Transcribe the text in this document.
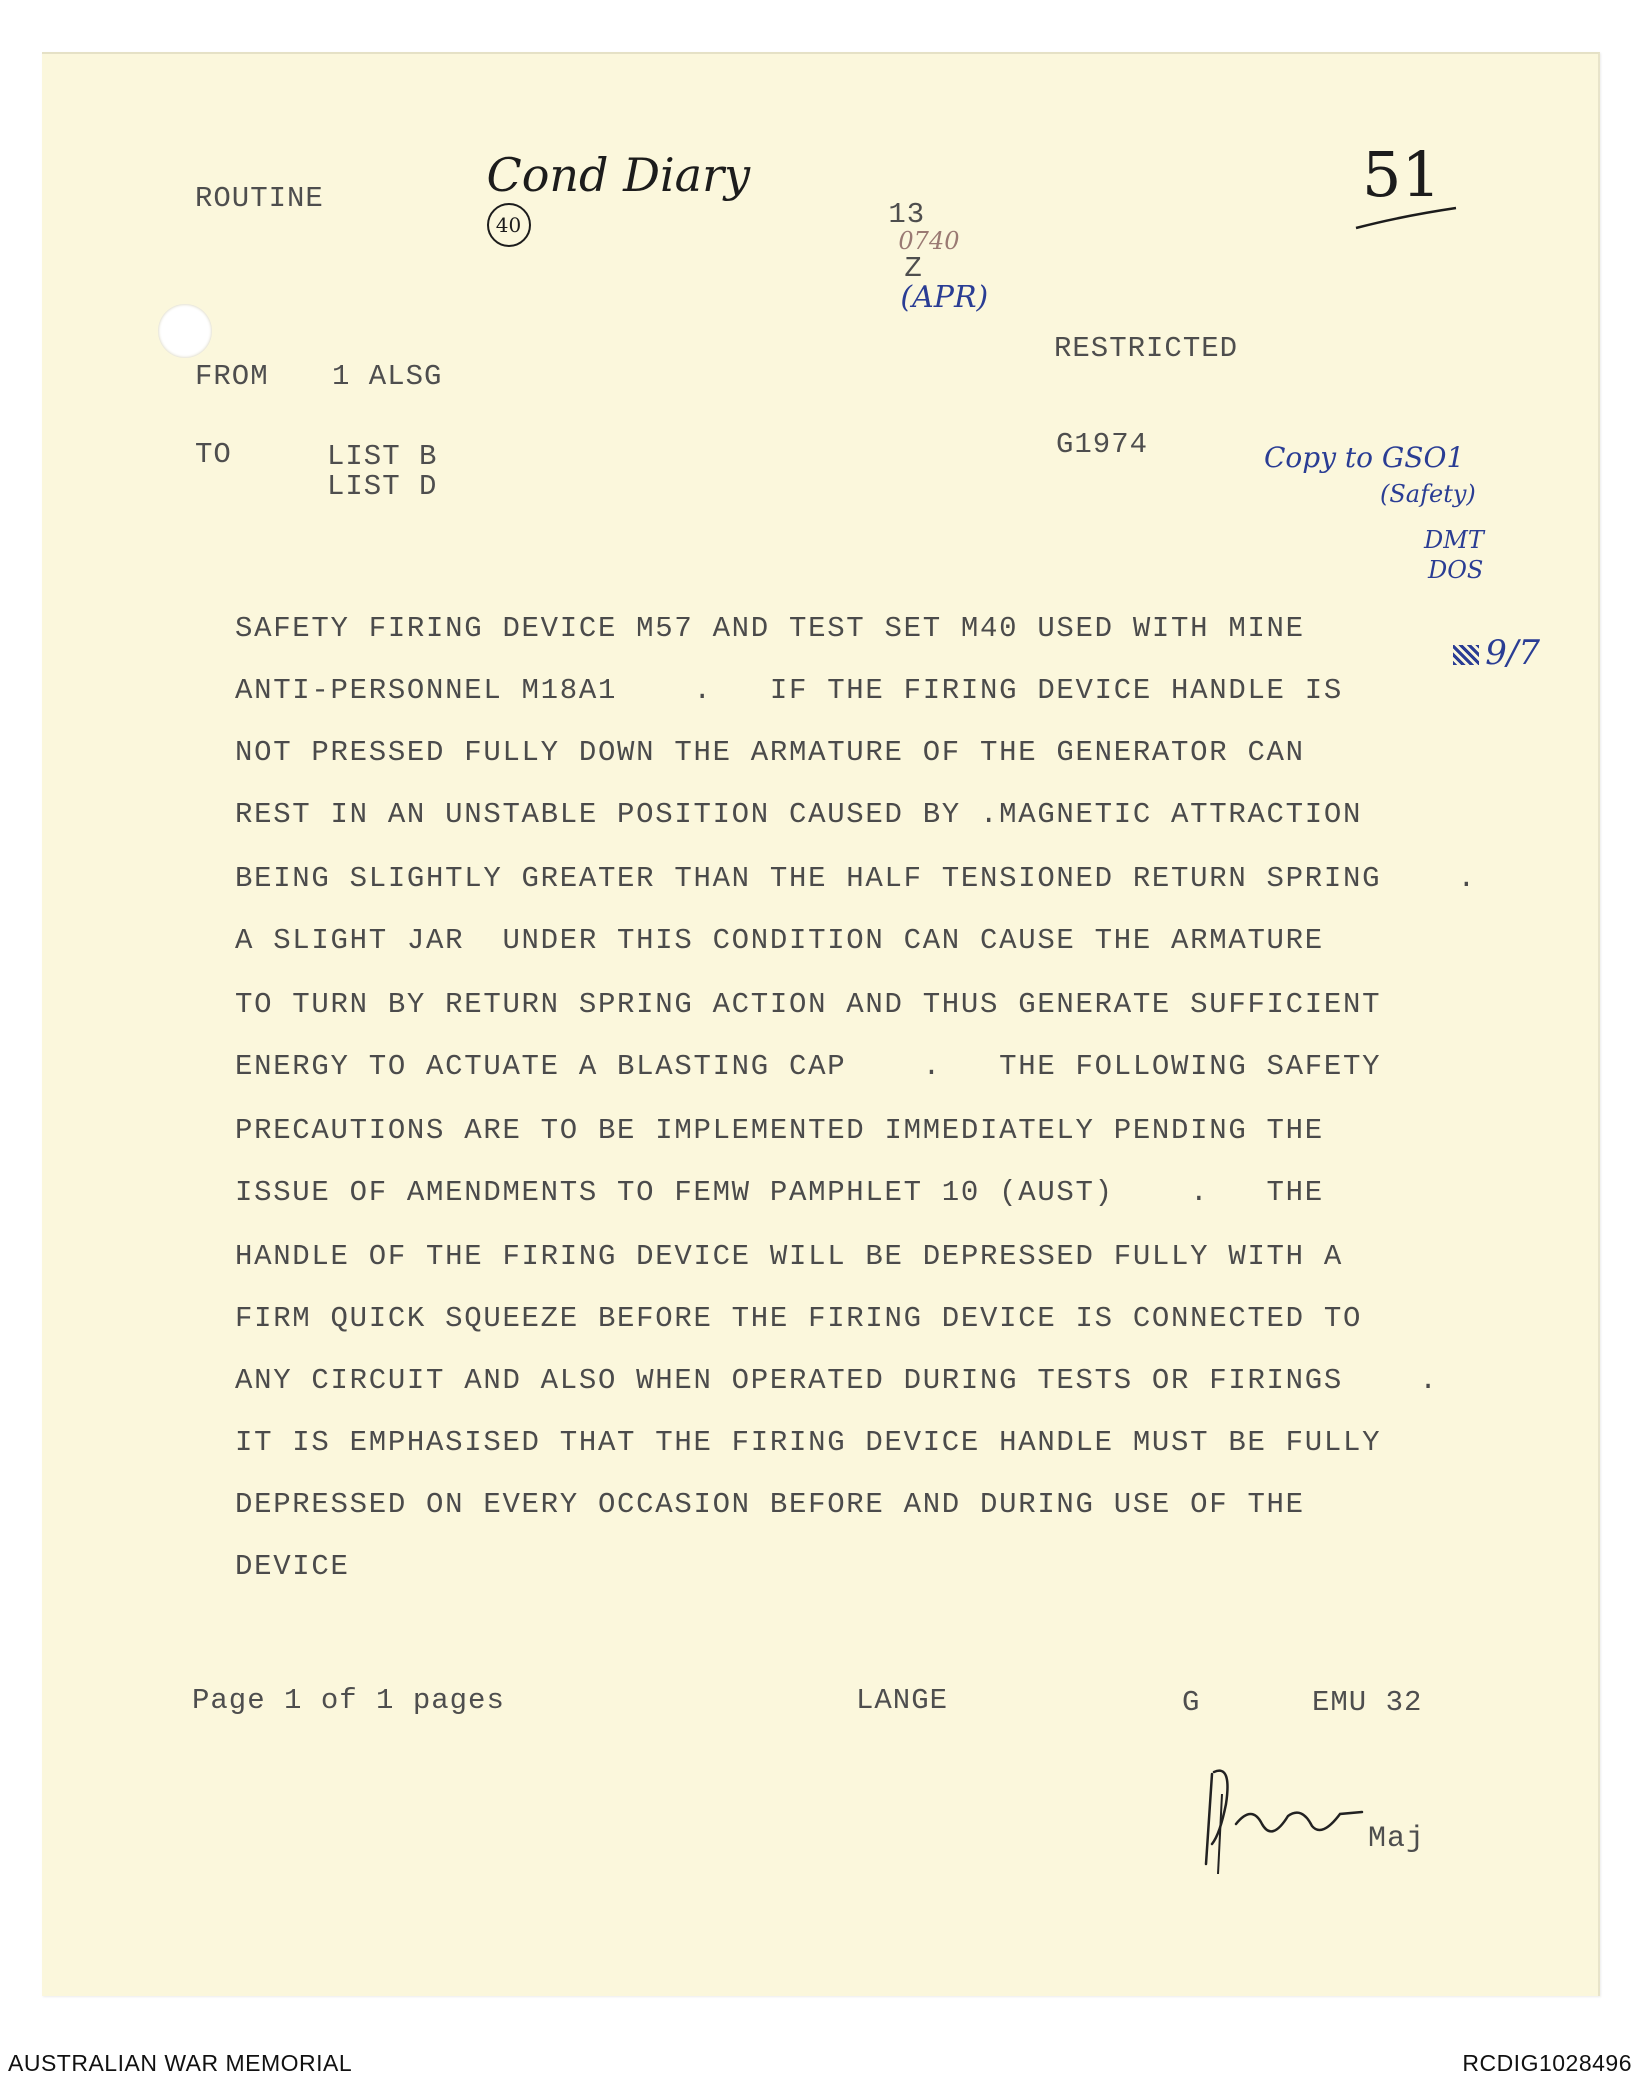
Cond Diary
40

51
ROUTINE	13
0740
Z
(APR)

RESTRICTED
FROM 1 ALSG
TO	LIST B
LIST D
G1974	Copy to GSO1
(Safety)
DMT
DOS

9/7

SAFETY FIRING DEVICE M57 AND TEST SET M40 USED WITH MINE
ANTI-PERSONNEL M18A1    .   IF THE FIRING DEVICE HANDLE IS
NOT PRESSED FULLY DOWN THE ARMATURE OF THE GENERATOR CAN
REST IN AN UNSTABLE POSITION CAUSED BY .MAGNETIC ATTRACTION
BEING SLIGHTLY GREATER THAN THE HALF TENSIONED RETURN SPRING    .
A SLIGHT JAR  UNDER THIS CONDITION CAN CAUSE THE ARMATURE
TO TURN BY RETURN SPRING ACTION AND THUS GENERATE SUFFICIENT
ENERGY TO ACTUATE A BLASTING CAP    .   THE FOLLOWING SAFETY
PRECAUTIONS ARE TO BE IMPLEMENTED IMMEDIATELY PENDING THE
ISSUE OF AMENDMENTS TO FEMW PAMPHLET 10 (AUST)    .   THE
HANDLE OF THE FIRING DEVICE WILL BE DEPRESSED FULLY WITH A
FIRM QUICK SQUEEZE BEFORE THE FIRING DEVICE IS CONNECTED TO
ANY CIRCUIT AND ALSO WHEN OPERATED DURING TESTS OR FIRINGS    .
IT IS EMPHASISED THAT THE FIRING DEVICE HANDLE MUST BE FULLY
DEPRESSED ON EVERY OCCASION BEFORE AND DURING USE OF THE
DEVICE
Page 1 of 1 pages	LANGE	G	EMU 32
Maj
AUSTRALIAN WAR MEMORIAL	RCDIG1028496
